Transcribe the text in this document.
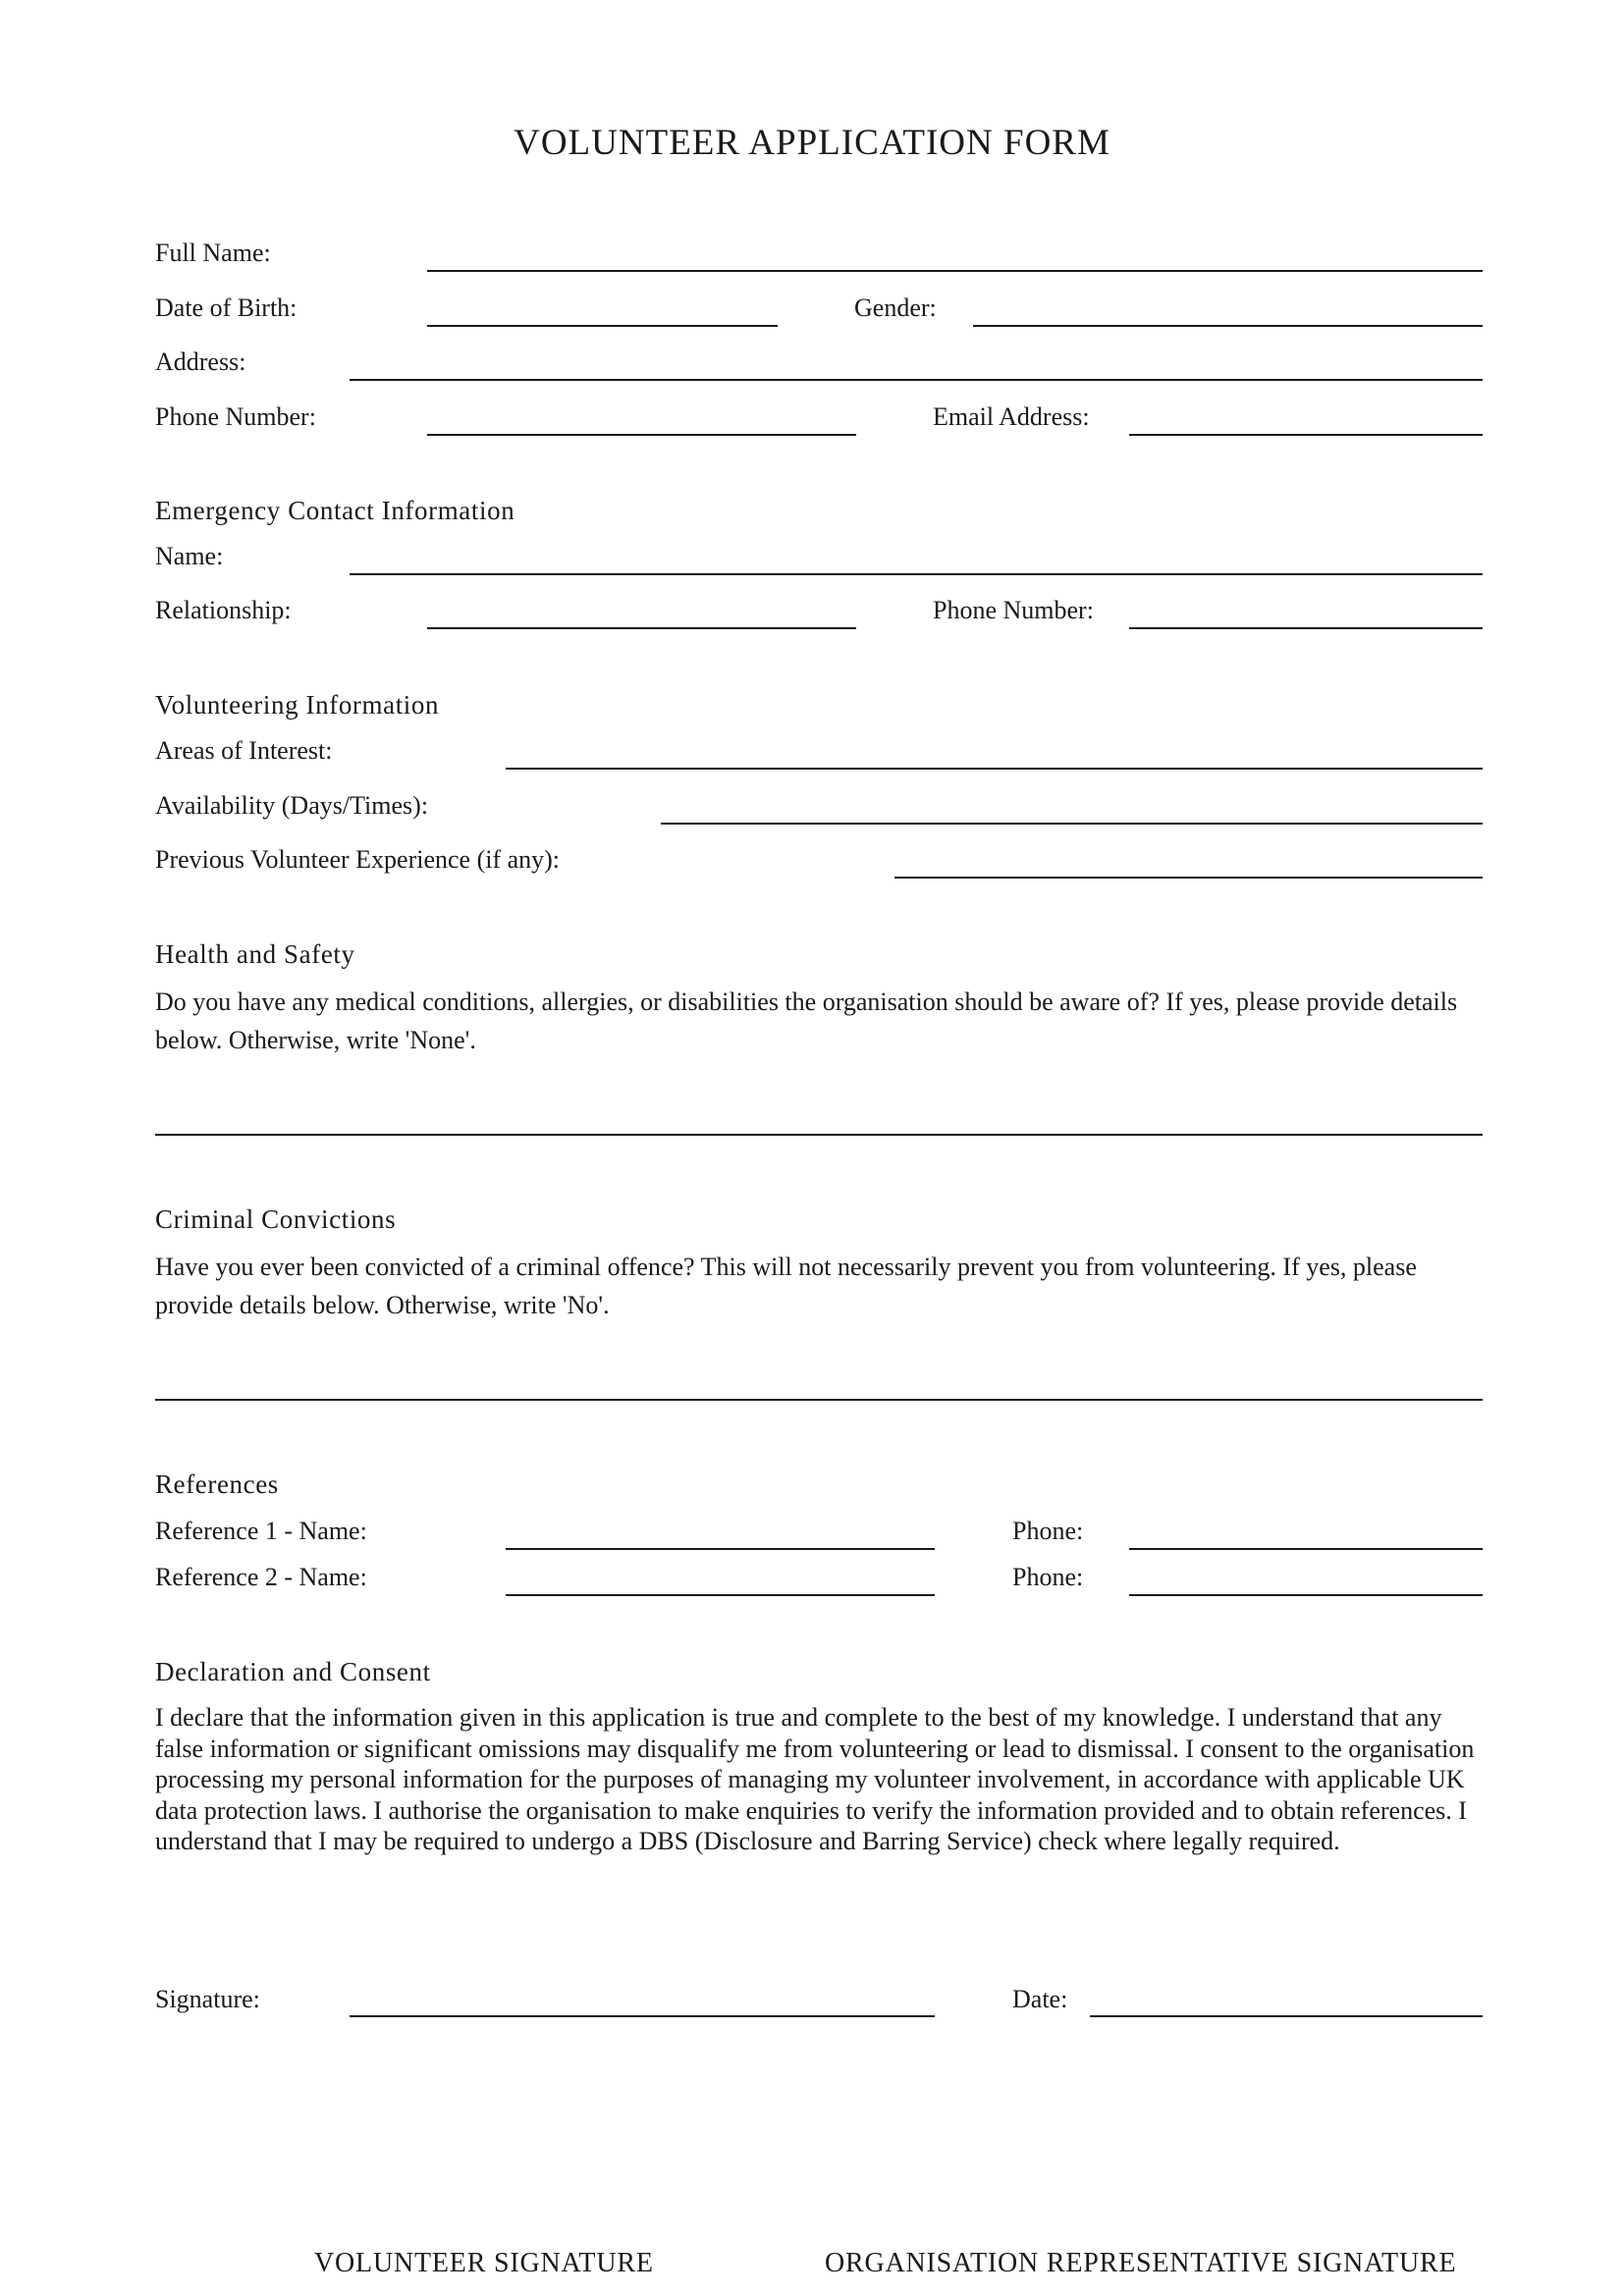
VOLUNTEER APPLICATION FORM
Full Name:
Date of Birth:	Gender:
Address:
Phone Number:	Email Address:
Emergency Contact Information
Name:
Relationship:	Phone Number:
Volunteering Information
Areas of Interest:
Availability (Days/Times):
Previous Volunteer Experience (if any):
Health and Safety
Do you have any medical conditions, allergies, or disabilities the organisation should be aware of? If yes, please provide details below. Otherwise, write 'None'.
Criminal Convictions
Have you ever been convicted of a criminal offence? This will not necessarily prevent you from volunteering. If yes, please provide details below. Otherwise, write 'No'.
References
Reference 1 - Name:	Phone:
Reference 2 - Name:	Phone:
Declaration and Consent
I declare that the information given in this application is true and complete to the best of my knowledge. I understand that any false information or significant omissions may disqualify me from volunteering or lead to dismissal. I consent to the organisation processing my personal information for the purposes of managing my volunteer involvement, in accordance with applicable UK data protection laws. I authorise the organisation to make enquiries to verify the information provided and to obtain references. I understand that I may be required to undergo a DBS (Disclosure and Barring Service) check where legally required.
Signature:	Date:
VOLUNTEER SIGNATURE	ORGANISATION REPRESENTATIVE SIGNATURE
